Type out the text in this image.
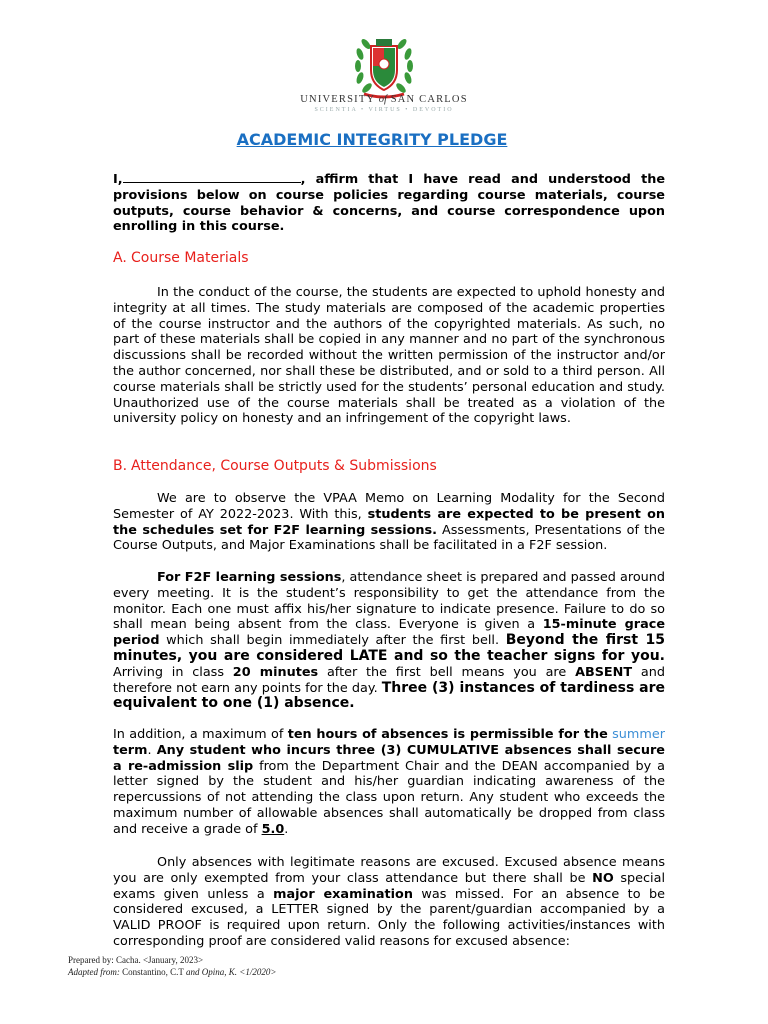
UNIVERSITY of SAN CARLOS
SCIENTIA • VIRTUS • DEVOTIO
ACADEMIC INTEGRITY PLEDGE

I,	, affirm that I have read and understood the provisions below on course policies regarding course materials, course outputs, course behavior & concerns, and course correspondence upon enrolling in this course.

A. Course Materials

In the conduct of the course, the students are expected to uphold honesty and integrity at all times. The study materials are composed of the academic properties of the course instructor and the authors of the copyrighted materials. As such, no part of these materials shall be copied in any manner and no part of the synchronous discussions shall be recorded without the written permission of the instructor and/or the author concerned, nor shall these be distributed, and or sold to a third person. All course materials shall be strictly used for the students’ personal education and study. Unauthorized use of the course materials shall be treated as a violation of the university policy on honesty and an infringement of the copyright laws.

B. Attendance, Course Outputs & Submissions

We are to observe the VPAA Memo on Learning Modality for the Second Semester of AY 2022-2023. With this, students are expected to be present on the schedules set for F2F learning sessions. Assessments, Presentations of the Course Outputs, and Major Examinations shall be facilitated in a F2F session.

For F2F learning sessions, attendance sheet is prepared and passed around every meeting. It is the student’s responsibility to get the attendance from the monitor. Each one must affix his/her signature to indicate presence. Failure to do so shall mean being absent from the class. Everyone is given a 15-minute grace period which shall begin immediately after the first bell. Beyond the first 15 minutes, you are considered LATE and so the teacher signs for you. Arriving in class 20 minutes after the first bell means you are ABSENT and therefore not earn any points for the day. Three (3) instances of tardiness are equivalent to one (1) absence.

In addition, a maximum of ten hours of absences is permissible for the summer term. Any student who incurs three (3) CUMULATIVE absences shall secure a re-admission slip from the Department Chair and the DEAN accompanied by a letter signed by the student and his/her guardian indicating awareness of the repercussions of not attending the class upon return. Any student who exceeds the maximum number of allowable absences shall automatically be dropped from class and receive a grade of 5.0.

Only absences with legitimate reasons are excused. Excused absence means you are only exempted from your class attendance but there shall be NO special exams given unless a major examination was missed. For an absence to be considered excused, a LETTER signed by the parent/guardian accompanied by a VALID PROOF is required upon return. Only the following activities/instances with corresponding proof are considered valid reasons for excused absence:

Prepared by: Cacha. <January, 2023>

Adapted from: Constantino, C.T and Opina, K. <1/2020>
